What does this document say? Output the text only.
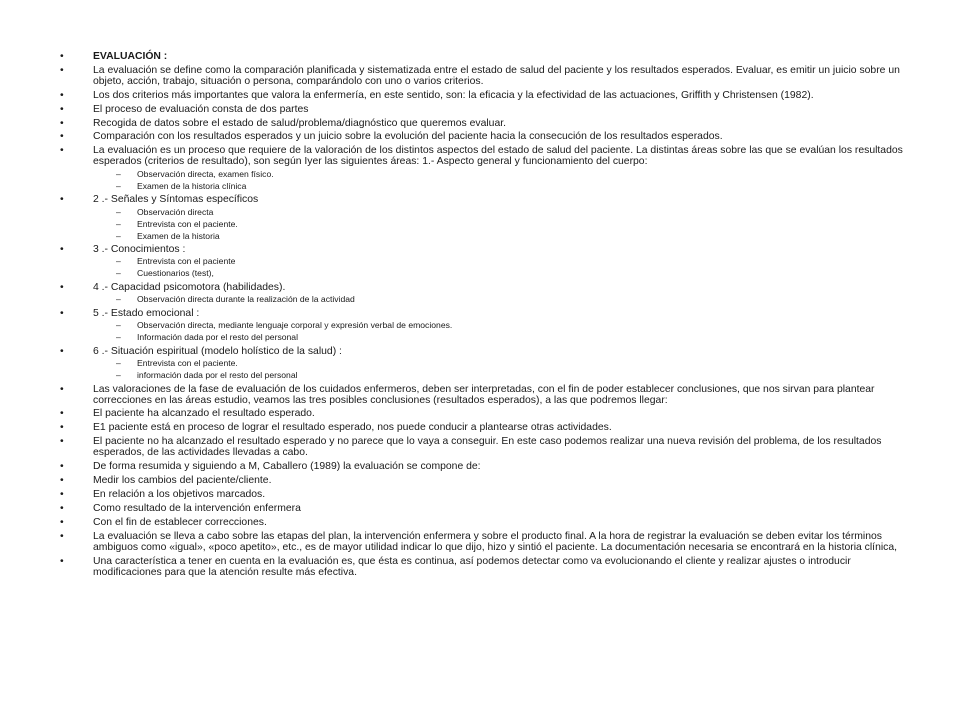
•	EVALUACIÓN :
•	La evaluación se define como la comparación planificada y sistematizada entre el estado de salud del paciente y los resultados esperados. Evaluar, es emitir un juicio sobre un objeto, acción, trabajo, situación o persona, comparándolo con uno o varios criterios.
•	Los dos criterios más importantes que valora la enfermería, en este sentido, son: la eficacia y la efectividad de las actuaciones, Griffith y Christensen (1982).
•	El proceso de evaluación consta de dos partes
•	Recogida de datos sobre el estado de salud/problema/diagnóstico que queremos evaluar.
•	Comparación con los resultados esperados y un juicio sobre la evolución del paciente hacia la consecución de los resultados esperados.
•	La evaluación es un proceso que requiere de la valoración de los distintos aspectos del estado de salud del paciente. La distintas áreas sobre las que se evalúan los resultados esperados (criterios de resultado), son según Iyer las siguientes áreas: 1.- Aspecto general y funcionamiento del cuerpo:
– Observación directa, examen físico.
– Examen de la historia clínica
•	2 .- Señales y Síntomas específicos
– Observación directa
– Entrevista con el paciente.
– Examen de la historia
•	3 .- Conocimientos :
– Entrevista con el paciente
– Cuestionarios (test),
•	4 .- Capacidad psicomotora (habilidades).
– Observación directa durante la realización de la actividad
•	5 .- Estado emocional :
– Observación directa, mediante lenguaje corporal y expresión verbal de emociones.
– Información dada por el resto del personal
•	6 .- Situación espiritual (modelo holístico de la salud) :
– Entrevista con el paciente.
– información dada por el resto del personal
•	Las valoraciones de la fase de evaluación de los cuidados enfermeros, deben ser interpretadas, con el fin de poder establecer conclusiones, que nos sirvan para plantear correcciones en las áreas estudio, veamos las tres posibles conclusiones (resultados esperados), a las que podremos llegar:
•	El paciente ha alcanzado el resultado esperado.
•	E1 paciente está en proceso de lograr el resultado esperado, nos puede conducir a plantearse otras actividades.
•	El paciente no ha alcanzado el resultado esperado y no parece que lo vaya a conseguir. En este caso podemos realizar una nueva revisión del problema, de los resultados esperados, de las actividades llevadas a cabo.
•	De forma resumida y siguiendo a M, Caballero (1989) la evaluación se compone de:
•	Medir los cambios del paciente/cliente.
•	En relación a los objetivos marcados.
•	Como resultado de la intervención enfermera
•	Con el fin de establecer correcciones.
•	La evaluación se lleva a cabo sobre las etapas del plan, la intervención enfermera y sobre el producto final. A la hora de registrar la evaluación se deben evitar los términos ambiguos como «igual», «poco apetito», etc., es de mayor utilidad indicar lo que dijo, hizo y sintió el paciente. La documentación necesaria se encontrará en la historia clínica,
•	Una característica a tener en cuenta en la evaluación es, que ésta es continua, así podemos detectar como va evolucionando el cliente y realizar ajustes o introducir modificaciones para que la atención resulte más efectiva.
